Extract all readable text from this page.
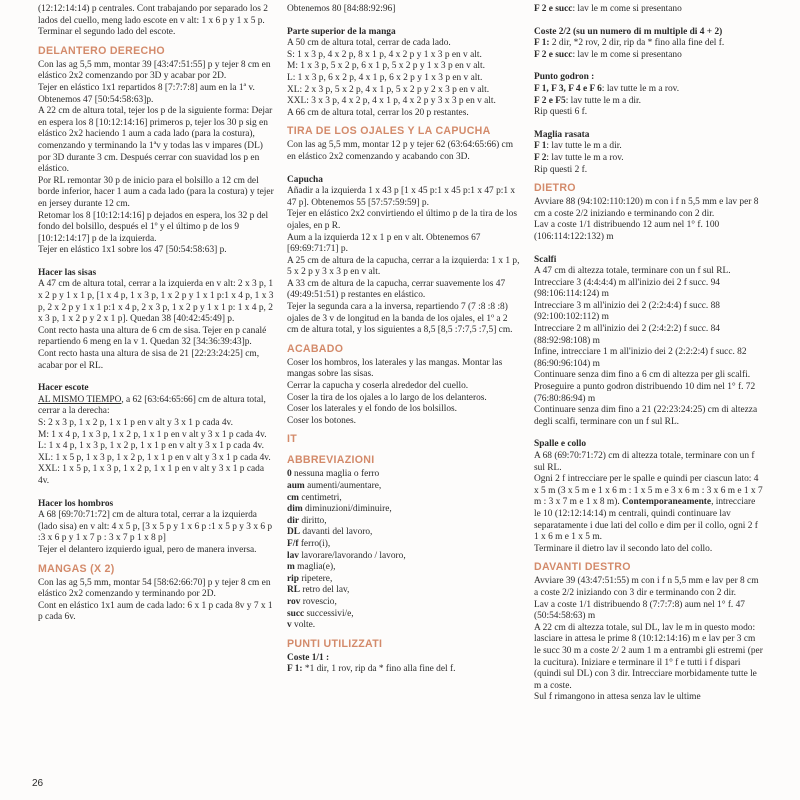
(12:12:14:14) p centrales. Cont trabajando por separado los 2 lados del cuello, meng lado escote en v alt: 1 x 6 p y 1 x 5 p. Terminar el segundo lado del escote.

DELANTERO DERECHO

Con las ag 5,5 mm, montar 39 [43:47:51:55] p y tejer 8 cm en elástico 2x2 comenzando por 3D y acabar por 2D.

Tejer en elástico 1x1 repartidos 8 [7:7:7:8] aum en la 1ª v. Obtenemos 47 [50:54:58:63]p.

A 22 cm de altura total, tejer los p de la siguiente forma: Dejar en espera los 8 [10:12:14:16] primeros p, tejer los 30 p sig en elástico 2x2 haciendo 1 aum a cada lado (para la costura), comenzando y terminando la 1ªv y todas las v impares (DL) por 3D durante 3 cm. Después cerrar con suavidad los p en elástico.

Por RL remontar 30 p de inicio para el bolsillo a 12 cm del borde inferior, hacer 1 aum a cada lado (para la costura) y tejer en jersey durante 12 cm.

Retomar los 8 [10:12:14:16] p dejados en espera, los 32 p del fondo del bolsillo, después el 1º y el último p de los 9 [10:12:14:17] p de la izquierda.

Tejer en elástico 1x1 sobre los 47 [50:54:58:63] p.

Hacer las sisas

A 47 cm de altura total, cerrar a la izquierda en v alt: 2 x 3 p, 1 x 2 p y 1 x 1 p, [1 x 4 p, 1 x 3 p, 1 x 2 p y 1 x 1 p:1 x 4 p, 1 x 3 p, 2 x 2 p y 1 x 1 p:1 x 4 p, 2 x 3 p, 1 x 2 p y 1 x 1 p: 1 x 4 p, 2 x 3 p, 1 x 2 p y 2 x 1 p]. Quedan 38 [40:42:45:49] p.

Cont recto hasta una altura de 6 cm de sisa. Tejer en p canalé repartiendo 6 meng en la v 1. Quedan 32 [34:36:39:43]p.

Cont recto hasta una altura de sisa de 21 [22:23:24:25] cm, acabar por el RL.

Hacer escote

AL MISMO TIEMPO, a 62 [63:64:65:66] cm de altura total, cerrar a la derecha:

S: 2 x 3 p, 1 x 2 p, 1 x 1 p en v alt y 3 x 1 p cada 4v.

M: 1 x 4 p, 1 x 3 p, 1 x 2 p, 1 x 1 p en v alt y 3 x 1 p cada 4v.

L: 1 x 4 p, 1 x 3 p, 1 x 2 p, 1 x 1 p en v alt y 3 x 1 p cada 4v.

XL: 1 x 5 p, 1 x 3 p, 1 x 2 p, 1 x 1 p en v alt y 3 x 1 p cada 4v.

XXL: 1 x 5 p, 1 x 3 p, 1 x 2 p, 1 x 1 p en v alt y 3 x 1 p cada 4v.

Hacer los hombros

A 68 [69:70:71:72] cm de altura total, cerrar a la izquierda (lado sisa) en v alt: 4 x 5 p, [3 x 5 p y 1 x 6 p :1 x 5 p y 3 x 6 p :3 x 6 p y 1 x 7 p : 3 x 7 p 1 x 8 p]

Tejer el delantero izquierdo igual, pero de manera inversa.

MANGAS (X 2)

Con las ag 5,5 mm, montar 54 [58:62:66:70] p y tejer 8 cm en elástico 2x2 comenzando y terminando por 2D.

Cont en elástico 1x1 aum de cada lado: 6 x 1 p cada 8v y 7 x 1 p cada 6v.

Obtenemos 80 [84:88:92:96]

Parte superior de la manga

A 50 cm de altura total, cerrar de cada lado.

S: 1 x 3 p, 4 x 2 p, 8 x 1 p, 4 x 2 p y 1 x 3 p en v alt.

M: 1 x 3 p, 5 x 2 p, 6 x 1 p, 5 x 2 p y 1 x 3 p en v alt.

L: 1 x 3 p, 6 x 2 p, 4 x 1 p, 6 x 2 p y 1 x 3 p en v alt.

XL: 2 x 3 p, 5 x 2 p, 4 x 1 p, 5 x 2 p y 2 x 3 p en v alt.

XXL: 3 x 3 p, 4 x 2 p, 4 x 1 p, 4 x 2 p y 3 x 3 p en v alt.

A 66 cm de altura total, cerrar los 20 p restantes.

TIRA DE LOS OJALES Y LA CAPUCHA

Con las ag 5,5 mm, montar 12 p y tejer 62 (63:64:65:66) cm en elástico 2x2 comenzando y acabando con 3D.

Capucha

Añadir a la izquierda 1 x 43 p [1 x 45 p:1 x 45 p:1 x 47 p:1 x 47 p]. Obtenemos 55 [57:57:59:59] p.

Tejer en elástico 2x2 convirtiendo el último p de la tira de los ojales, en p R.

Aum a la izquierda 12 x 1 p en v alt. Obtenemos 67 [69:69:71:71] p.

A 25 cm de altura de la capucha, cerrar a la izquierda: 1 x 1 p, 5 x 2 p y 3 x 3 p en v alt.

A 33 cm de altura de la capucha, cerrar suavemente los 47 (49:49:51:51) p restantes en elástico.

Tejer la segunda cara a la inversa, repartiendo 7 (7 :8 :8 :8) ojales de 3 v de longitud en la banda de los ojales, el 1º a 2 cm de altura total, y los siguientes a 8,5 [8,5 :7:7,5 :7,5] cm.

ACABADO

Coser los hombros, los laterales y las mangas. Montar las mangas sobre las sisas.

Cerrar la capucha y coserla alrededor del cuello.

Coser la tira de los ojales a lo largo de los delanteros.

Coser los laterales y el fondo de los bolsillos.

Coser los botones.

IT
ABBREVIAZIONI

0 nessuna maglia o ferro

aum aumenti/aumentare,

cm centimetri,

dim diminuzioni/diminuire,

dir diritto,

DL davanti del lavoro,

F/f ferro(i),

lav lavorare/lavorando / lavoro,

m maglia(e),

rip ripetere,

RL retro del lav,

rov rovescio,

succ successivi/e,

v volte.

PUNTI UTILIZZATI

Coste 1/1 :

F 1: *1 dir, 1 rov, rip da * fino alla fine del f.

F 2 e succ: lav le m come si presentano

Coste 2/2 (su un numero di m multiple di 4 + 2)

F 1: 2 dir, *2 rov, 2 dir, rip da * fino alla fine del f.

F 2 e succ: lav le m come si presentano

Punto godron :

F 1, F 3, F 4 e F 6: lav tutte le m a rov.

F 2 e F5: lav tutte le m a dir.

Rip questi 6 f.

Maglia rasata

F 1: lav tutte le m a dir.

F 2: lav tutte le m a rov.

Rip questi 2 f.

DIETRO

Avviare 88 (94:102:110:120) m con i f n 5,5 mm e lav per 8 cm a coste 2/2 iniziando e terminando con 2 dir.

Lav a coste 1/1 distribuendo 12 aum nel 1° f. 100 (106:114:122:132) m

Scalfi

A 47 cm di altezza totale, terminare con un f sul RL.

Intrecciare 3 (4:4:4:4) m all'inizio dei 2 f succ. 94 (98:106:114:124) m

Intrecciare 3 m all'inizio dei 2 (2:2:4:4) f succ. 88 (92:100:102:112) m

Intrecciare 2 m all'inizio dei 2 (2:4:2:2) f succ. 84 (88:92:98:108) m

Infine, intrecciare 1 m all'inizio dei 2 (2:2:2:4) f succ. 82 (86:90:96:104) m

Continuare senza dim fino a 6 cm di altezza per gli scalfi.

Proseguire a punto godron distribuendo 10 dim nel 1° f. 72 (76:80:86:94) m

Continuare senza dim fino a 21 (22:23:24:25) cm di altezza degli scalfi, terminare con un f sul RL.

Spalle e collo

A 68 (69:70:71:72) cm di altezza totale, terminare con un f sul RL.

Ogni 2 f intrecciare per le spalle e quindi per ciascun lato: 4 x 5 m (3 x 5 m e 1 x 6 m : 1 x 5 m e 3 x 6 m : 3 x 6 m e 1 x 7 m : 3 x 7 m e 1 x 8 m). Contemporaneamente, intrecciare le 10 (12:12:14:14) m centrali, quindi continuare lav separatamente i due lati del collo e dim per il collo, ogni 2 f 1 x 6 m e 1 x 5 m.

Terminare il dietro lav il secondo lato del collo.

DAVANTI DESTRO

Avviare 39 (43:47:51:55) m con i f n 5,5 mm e lav per 8 cm a coste 2/2 iniziando con 3 dir e terminando con 2 dir.

Lav a coste 1/1 distribuendo 8 (7:7:7:8) aum nel 1° f. 47 (50:54:58:63) m

A 22 cm di altezza totale, sul DL, lav le m in questo modo: lasciare in attesa le prime 8 (10:12:14:16) m e lav per 3 cm le succ 30 m a coste 2/ 2 aum 1 m a entrambi gli estremi (per la cucitura). Iniziare e terminare il 1° f e tutti i f dispari (quindi sul DL) con 3 dir. Intrecciare morbidamente tutte le m a coste.

Sul f rimangono in attesa senza lav le ultime

26
